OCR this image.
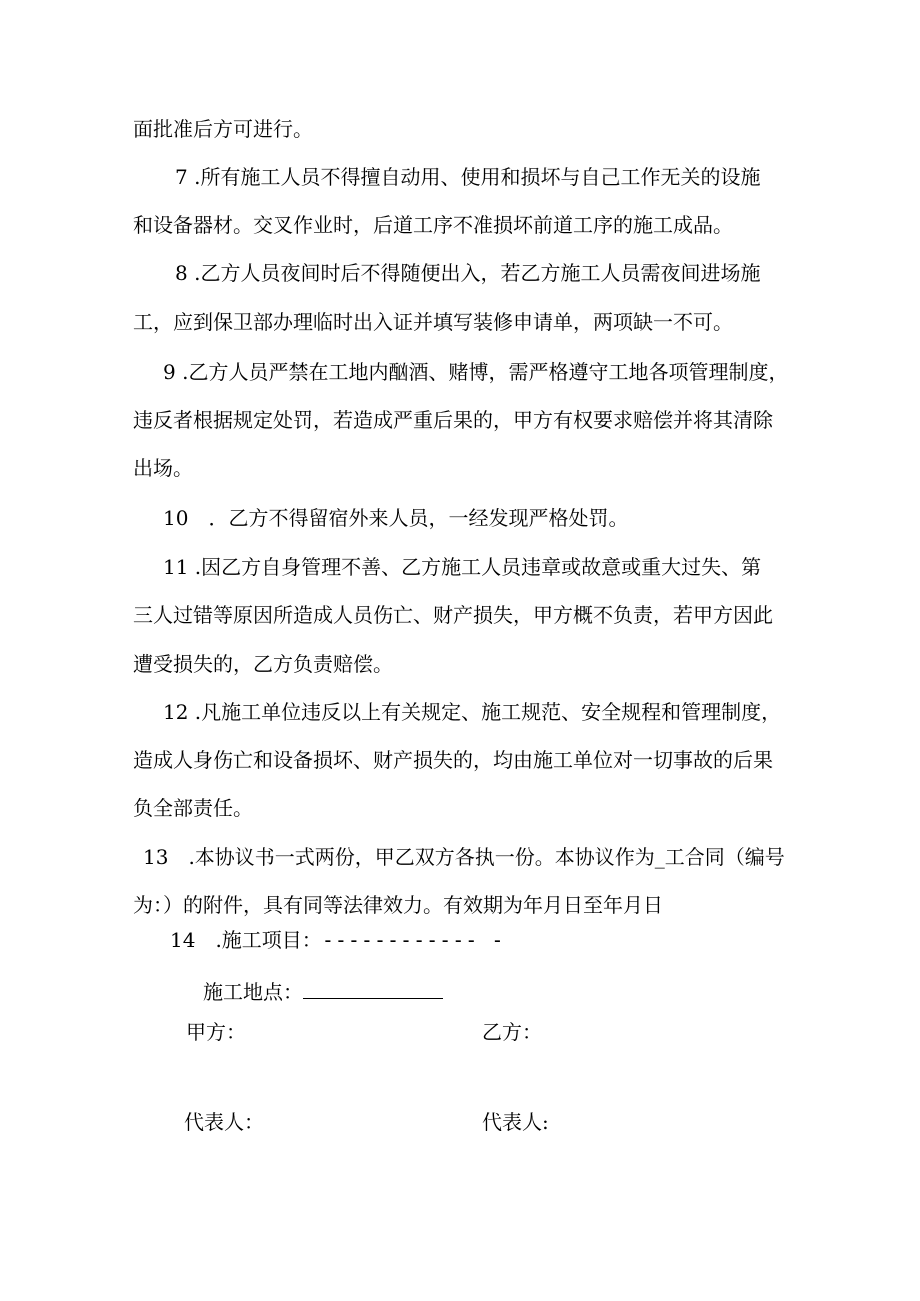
面批准后方可进行。
7 .所有施工人员不得擅自动用、使用和损坏与自己工作无关的设施
和设备器材。交叉作业时，后道工序不准损坏前道工序的施工成品。
8 .乙方人员夜间时后不得随便出入，若乙方施工人员需夜间进场施
工，应到保卫部办理临时出入证并填写装修申请单，两项缺一不可。
9 .乙方人员严禁在工地内酗酒、赌博，需严格遵守工地各项管理制度，
违反者根据规定处罚，若造成严重后果的，甲方有权要求赔偿并将其清除
出场。
10　．乙方不得留宿外来人员，一经发现严格处罚。
11 .因乙方自身管理不善、乙方施工人员违章或故意或重大过失、第
三人过错等原因所造成人员伤亡、财产损失，甲方概不负责，若甲方因此
遭受损失的，乙方负责赔偿。
12 .凡施工单位违反以上有关规定、施工规范、安全规程和管理制度，
造成人身伤亡和设备损坏、财产损失的，均由施工单位对一切事故的后果
负全部责任。
13　.本协议书一式两份，甲乙双方各执一份。本协议作为_工合同（编号
为：）的附件，具有同等法律效力。有效期为年月日至年月日
14　.施工项目：------------ -
施工地点：
甲方：	乙方：
代表人：	代表人:
